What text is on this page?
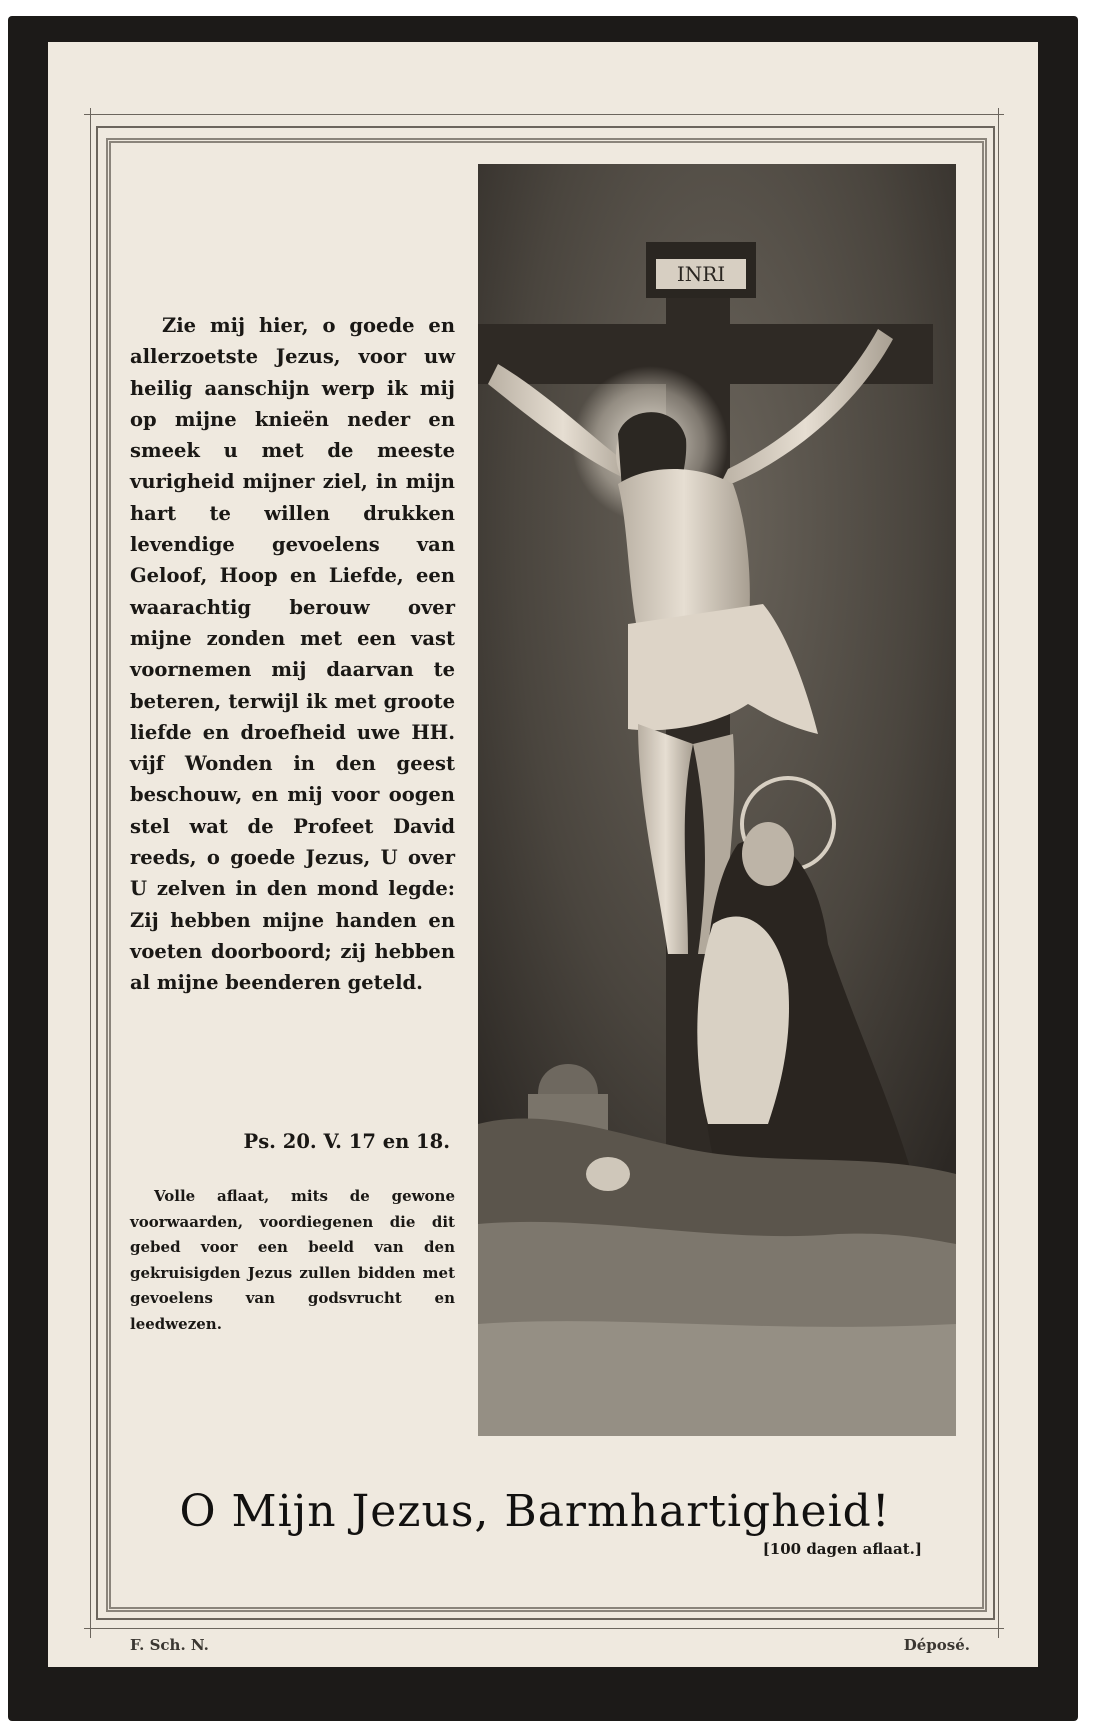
Zie mij hier, o goede en allerzoetste Jezus, voor uw heilig aanschijn werp ik mij op mijne knieën neder en smeek u met de meeste vurigheid mijner ziel, in mijn hart te willen drukken levendige gevoelens van Geloof, Hoop en Liefde, een waarachtig berouw over mijne zonden met een vast voornemen mij daarvan te beteren, terwijl ik met groote liefde en droefheid uwe HH. vijf Wonden in den geest beschouw, en mij voor oogen stel wat de Profeet David reeds, o goede Jezus, U over U zelven in den mond legde: Zij hebben mijne handen en voeten doorboord; zij hebben al mijne beenderen geteld.

Ps. 20. V. 17 en 18.

Volle aflaat, mits de gewone voorwaarden, voordiegenen die dit gebed voor een beeld van den gekruisigden Jezus zullen bidden met gevoelens van godsvrucht en leedwezen.

INRI
O Mijn Jezus, Barmhartigheid!
[100 dagen aflaat.]
F. Sch. N.	Déposé.
